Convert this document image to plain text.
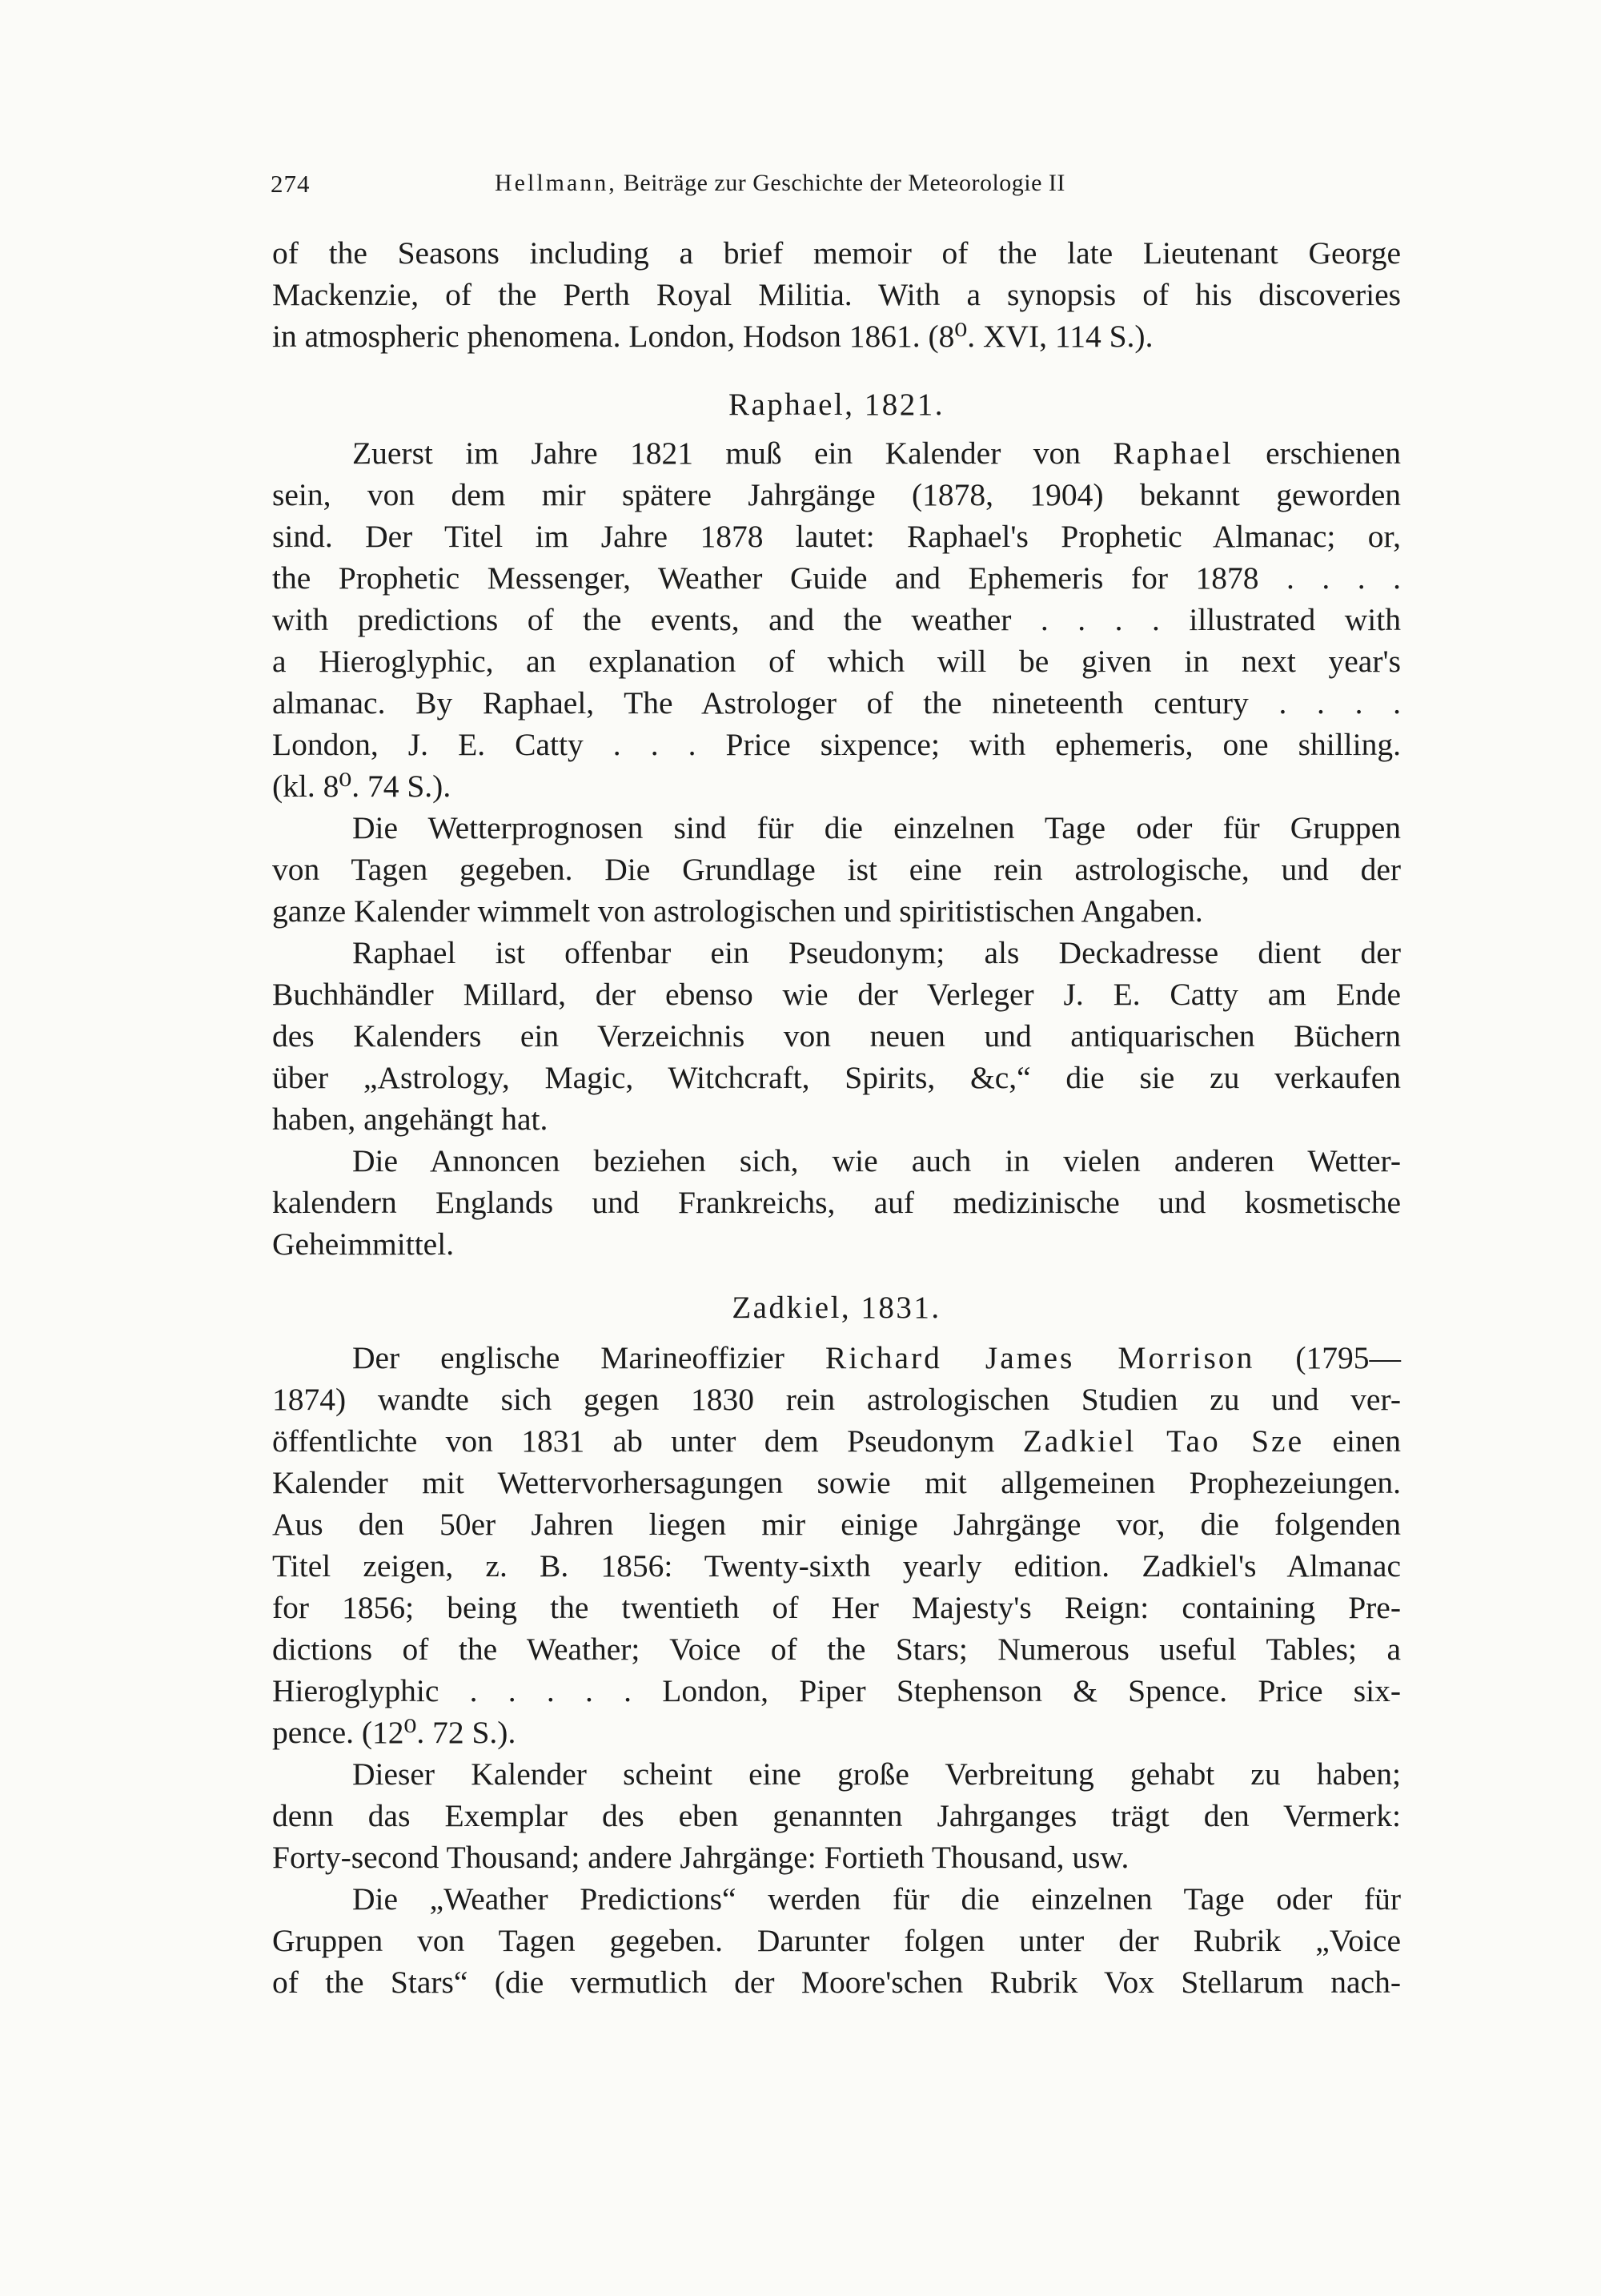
274	Hellmann, Beiträge zur Geschichte der Meteorologie II
of the Seasons including a brief memoir of the late Lieutenant George
Mackenzie, of the Perth Royal Militia. With a synopsis of his discoveries
in atmospheric phenomena. London, Hodson 1861. (8⁰. XVI, 114 S.).
Raphael, 1821.
Zuerst im Jahre 1821 muß ein Kalender von Raphael erschienen
sein, von dem mir spätere Jahrgänge (1878, 1904) bekannt geworden
sind. Der Titel im Jahre 1878 lautet: Raphael's Prophetic Almanac; or,
the Prophetic Messenger, Weather Guide and Ephemeris for 1878 . . . .
with predictions of the events, and the weather . . . . illustrated with
a Hieroglyphic, an explanation of which will be given in next year's
almanac. By Raphael, The Astrologer of the nineteenth century . . . .
London, J. E. Catty . . . Price sixpence; with ephemeris, one shilling.
(kl. 8⁰. 74 S.).
Die Wetterprognosen sind für die einzelnen Tage oder für Gruppen
von Tagen gegeben. Die Grundlage ist eine rein astrologische, und der
ganze Kalender wimmelt von astrologischen und spiritistischen Angaben.
Raphael ist offenbar ein Pseudonym; als Deckadresse dient der
Buchhändler Millard, der ebenso wie der Verleger J. E. Catty am Ende
des Kalenders ein Verzeichnis von neuen und antiquarischen Büchern
über „Astrology, Magic, Witchcraft, Spirits, &c,“ die sie zu verkaufen
haben, angehängt hat.
Die Annoncen beziehen sich, wie auch in vielen anderen Wetter-
kalendern Englands und Frankreichs, auf medizinische und kosmetische
Geheimmittel.
Zadkiel, 1831.
Der englische Marineoffizier Richard James Morrison (1795—
1874) wandte sich gegen 1830 rein astrologischen Studien zu und ver-
öffentlichte von 1831 ab unter dem Pseudonym Zadkiel Tao Sze einen
Kalender mit Wettervorhersagungen sowie mit allgemeinen Prophezeiungen.
Aus den 50er Jahren liegen mir einige Jahrgänge vor, die folgenden
Titel zeigen, z. B. 1856: Twenty-sixth yearly edition. Zadkiel's Almanac
for 1856; being the twentieth of Her Majesty's Reign: containing Pre-
dictions of the Weather; Voice of the Stars; Numerous useful Tables; a
Hieroglyphic . . . . . London, Piper Stephenson & Spence. Price six-
pence. (12⁰. 72 S.).
Dieser Kalender scheint eine große Verbreitung gehabt zu haben;
denn das Exemplar des eben genannten Jahrganges trägt den Vermerk:
Forty-second Thousand; andere Jahrgänge: Fortieth Thousand, usw.
Die „Weather Predictions“ werden für die einzelnen Tage oder für
Gruppen von Tagen gegeben. Darunter folgen unter der Rubrik „Voice
of the Stars“ (die vermutlich der Moore'schen Rubrik Vox Stellarum nach-
